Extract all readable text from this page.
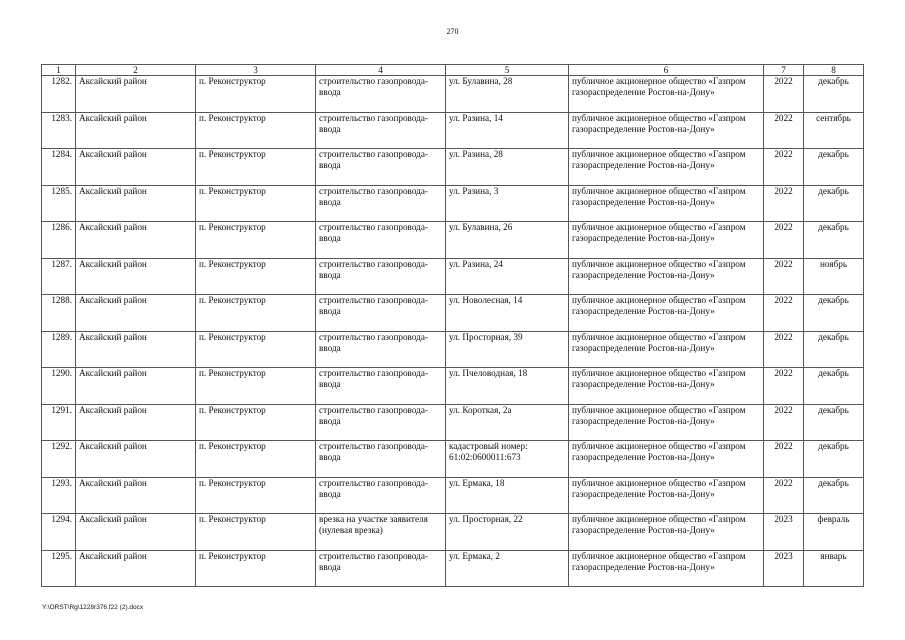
270
1	2	3	4	5	6	7	8
1282.	Аксайский район	п. Реконструктор	строительство газопровода-ввода	ул. Булавина, 28	публичное акционерное общество «Газпром газораспределение Ростов-на-Дону»	2022	декабрь
1283.	Аксайский район	п. Реконструктор	строительство газопровода-ввода	ул. Разина, 14	публичное акционерное общество «Газпром газораспределение Ростов-на-Дону»	2022	сентябрь
1284.	Аксайский район	п. Реконструктор	строительство газопровода-ввода	ул. Разина, 28	публичное акционерное общество «Газпром газораспределение Ростов-на-Дону»	2022	декабрь
1285.	Аксайский район	п. Реконструктор	строительство газопровода-ввода	ул. Разина, 3	публичное акционерное общество «Газпром газораспределение Ростов-на-Дону»	2022	декабрь
1286.	Аксайский район	п. Реконструктор	строительство газопровода-ввода	ул. Булавина, 26	публичное акционерное общество «Газпром газораспределение Ростов-на-Дону»	2022	декабрь
1287.	Аксайский район	п. Реконструктор	строительство газопровода-ввода	ул. Разина, 24	публичное акционерное общество «Газпром газораспределение Ростов-на-Дону»	2022	ноябрь
1288.	Аксайский район	п. Реконструктор	строительство газопровода-ввода	ул. Новолесная, 14	публичное акционерное общество «Газпром газораспределение Ростов-на-Дону»	2022	декабрь
1289.	Аксайский район	п. Реконструктор	строительство газопровода-ввода	ул. Просторная, 39	публичное акционерное общество «Газпром газораспределение Ростов-на-Дону»	2022	декабрь
1290.	Аксайский район	п. Реконструктор	строительство газопровода-ввода	ул. Пчеловодная, 18	публичное акционерное общество «Газпром газораспределение Ростов-на-Дону»	2022	декабрь
1291.	Аксайский район	п. Реконструктор	строительство газопровода-ввода	ул. Короткая, 2а	публичное акционерное общество «Газпром газораспределение Ростов-на-Дону»	2022	декабрь
1292.	Аксайский район	п. Реконструктор	строительство газопровода-ввода	кадастровый номер: 61:02:0600011:673	публичное акционерное общество «Газпром газораспределение Ростов-на-Дону»	2022	декабрь
1293.	Аксайский район	п. Реконструктор	строительство газопровода-ввода	ул. Ермака, 18	публичное акционерное общество «Газпром газораспределение Ростов-на-Дону»	2022	декабрь
1294.	Аксайский район	п. Реконструктор	врезка на участке заявителя (нулевая врезка)	ул. Просторная, 22	публичное акционерное общество «Газпром газораспределение Ростов-на-Дону»	2023	февраль
1295.	Аксайский район	п. Реконструктор	строительство газопровода-ввода	ул. Ермака, 2	публичное акционерное общество «Газпром газораспределение Ростов-на-Дону»	2023	январь
Y:\ORST\Rg\1228r376.f22 (2).docx
